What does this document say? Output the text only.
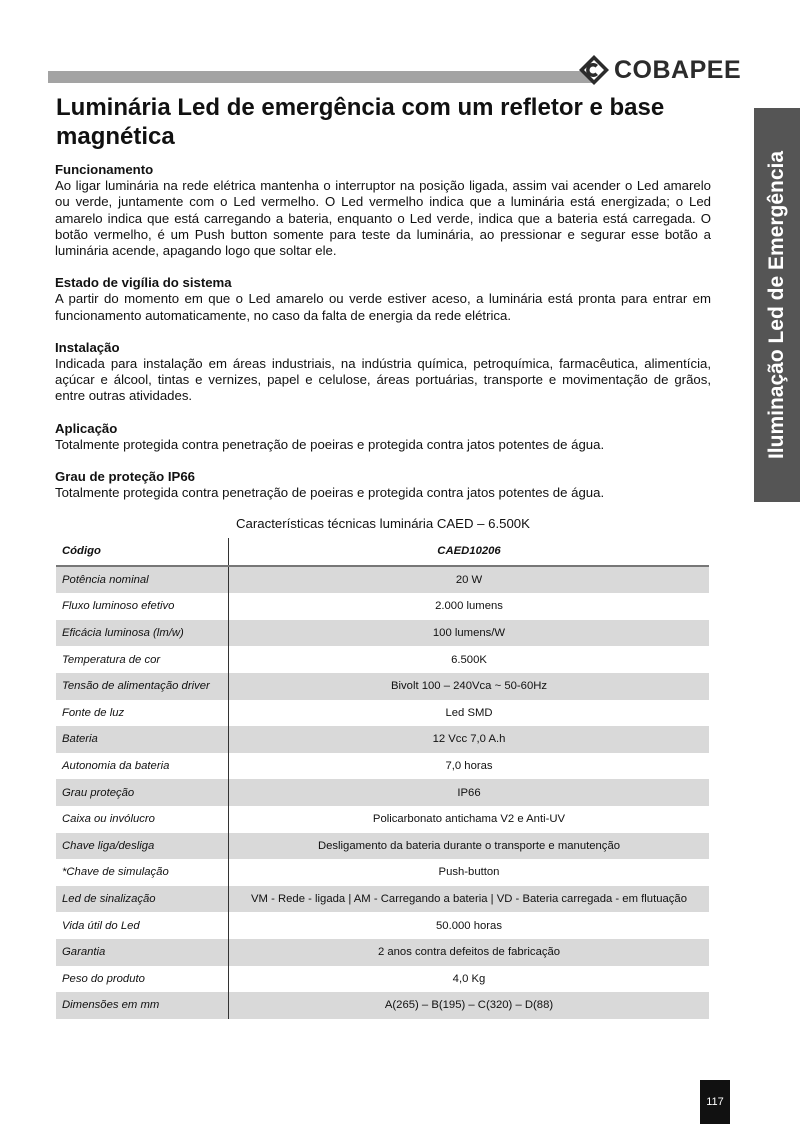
COBAPEE
Iluminação Led de Emergência
Luminária Led de emergência com um refletor e base magnética
Funcionamento

Ao ligar luminária na rede elétrica mantenha o interruptor na posição ligada, assim vai acender o Led amarelo ou verde, juntamente com o Led vermelho. O Led vermelho indica que a luminária está energizada; o Led amarelo indica que está carregando a bateria, enquanto o Led verde, indica que a bateria está carregada. O botão vermelho, é um Push button somente para teste da luminária, ao pressionar e segurar esse botão a luminária acende, apagando logo que soltar ele.

Estado de vigília do sistema

A partir do momento em que o Led amarelo ou verde estiver aceso, a luminária está pronta para entrar em funcionamento automaticamente, no caso da falta de energia da rede elétrica.

Instalação

Indicada para instalação em áreas industriais, na indústria química, petroquímica, farmacêutica, alimentícia, açúcar e álcool, tintas e vernizes, papel e celulose, áreas portuárias, transporte e movimentação de grãos, entre outras atividades.

Aplicação

Totalmente protegida contra penetração de poeiras e protegida contra jatos potentes de água.

Grau de proteção IP66

Totalmente protegida contra penetração de poeiras e protegida contra jatos potentes de água.

Características técnicas luminária CAED – 6.500K
Código	CAED10206
Potência nominal	20 W
Fluxo luminoso efetivo	2.000 lumens
Eficácia luminosa (lm/w)	100 lumens/W
Temperatura de cor	6.500K
Tensão de alimentação driver	Bivolt 100 – 240Vca ~ 50-60Hz
Fonte de luz	Led SMD
Bateria	12 Vcc 7,0 A.h
Autonomia da bateria	7,0 horas
Grau proteção	IP66
Caixa ou invólucro	Policarbonato antichama V2 e Anti-UV
Chave liga/desliga	Desligamento da bateria durante o transporte e manutenção
*Chave de simulação	Push-button
Led de sinalização	VM - Rede - ligada | AM - Carregando a bateria | VD - Bateria carregada - em flutuação
Vida útil do Led	50.000 horas
Garantia	2 anos contra defeitos de fabricação
Peso do produto	4,0 Kg
Dimensões em mm	A(265) – B(195) – C(320) – D(88)
117
